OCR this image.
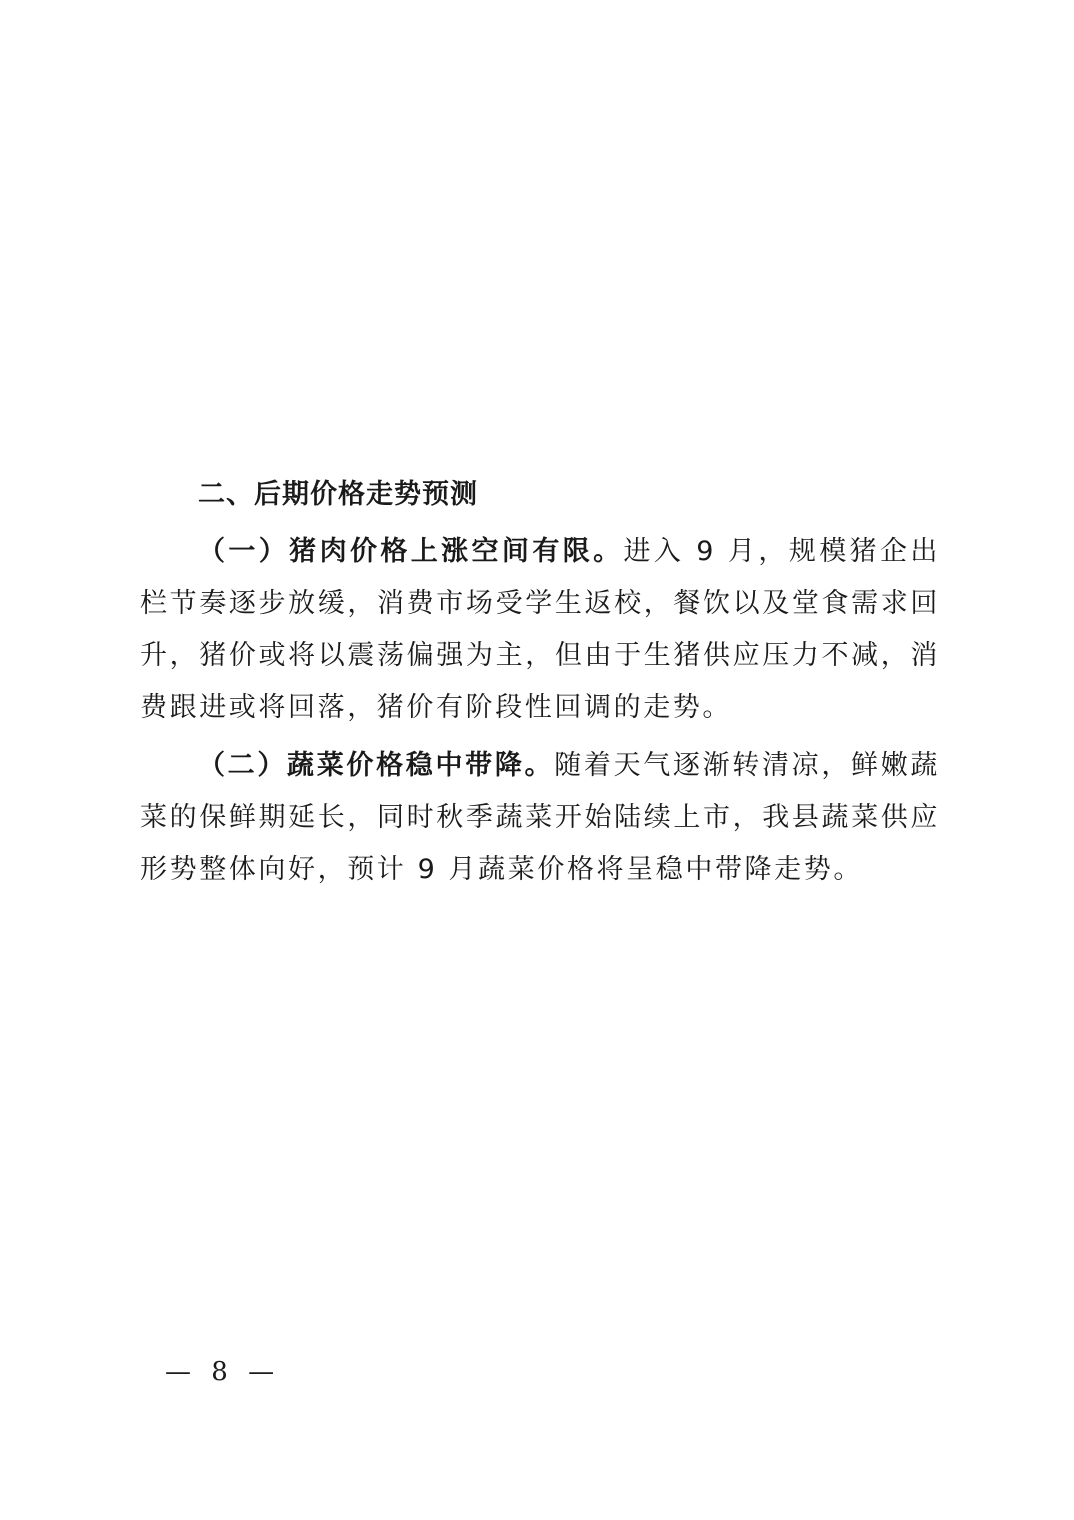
二、后期价格走势预测

（一）猪肉价格上涨空间有限。进入 9 月，规模猪企出栏节奏逐步放缓，消费市场受学生返校，餐饮以及堂食需求回升，猪价或将以震荡偏强为主，但由于生猪供应压力不减，消费跟进或将回落，猪价有阶段性回调的走势。

（二）蔬菜价格稳中带降。随着天气逐渐转清凉，鲜嫩蔬菜的保鲜期延长，同时秋季蔬菜开始陆续上市，我县蔬菜供应形势整体向好，预计 9 月蔬菜价格将呈稳中带降走势。

— 8 —
